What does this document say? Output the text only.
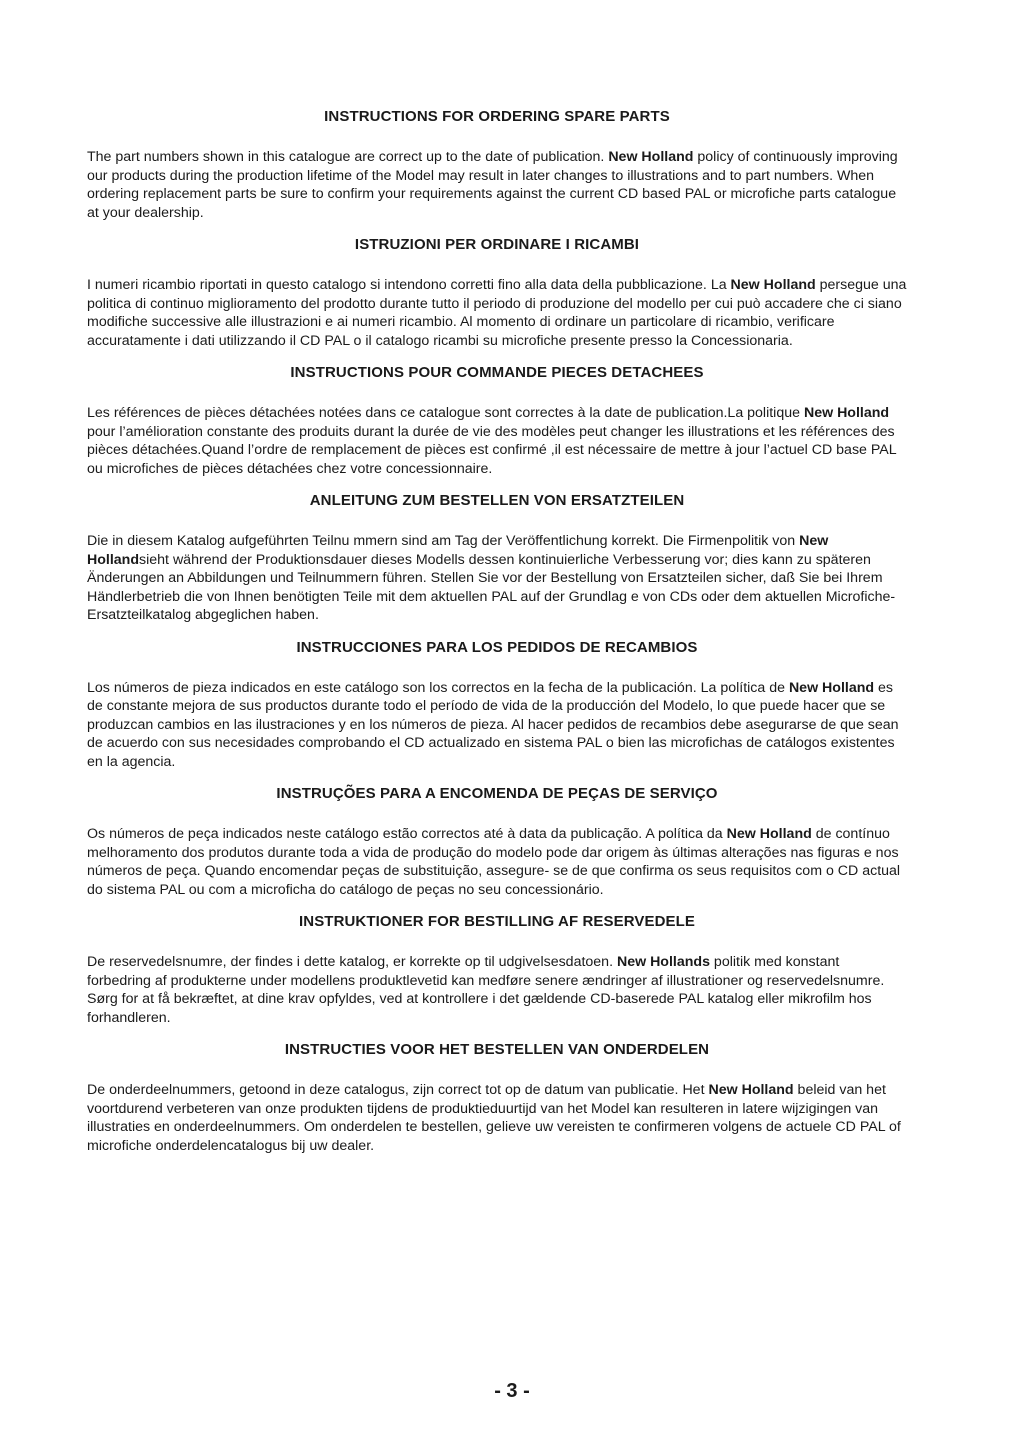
INSTRUCTIONS FOR ORDERING SPARE PARTS

The part numbers shown in this catalogue are correct up to the date of publication. New Holland policy of continuously improving our products during the production lifetime of the Model may result in later changes to illustrations and to part numbers. When ordering replacement parts be sure to confirm your requirements against the current CD based PAL or microfiche parts catalogue at your dealership.

ISTRUZIONI PER ORDINARE I RICAMBI

I numeri ricambio riportati in questo catalogo si intendono corretti fino alla data della pubblicazione. La New Holland persegue una politica di continuo miglioramento del prodotto durante tutto il periodo di produzione del modello per cui può accadere che ci siano modifiche successive alle illustrazioni e ai numeri ricambio. Al momento di ordinare un particolare di ricambio, verificare accuratamente i dati utilizzando il CD PAL o il catalogo ricambi su microfiche presente presso la Concessionaria.

INSTRUCTIONS POUR COMMANDE PIECES DETACHEES

Les références de pièces détachées notées dans ce catalogue sont correctes à la date de publication.La politique New Holland pour l’amélioration constante des produits durant la durée de vie des modèles peut changer les illustrations et les références des pièces détachées.Quand l’ordre de remplacement de pièces est confirmé ,il est nécessaire de mettre à jour l’actuel CD base PAL ou microfiches de pièces détachées chez votre concessionnaire.

ANLEITUNG ZUM BESTELLEN VON ERSATZTEILEN

Die in diesem Katalog aufgeführten Teilnu mmern sind am Tag der Veröffentlichung korrekt. Die Firmenpolitik von New Hollandsieht während der Produktionsdauer dieses Modells dessen kontinuierliche Verbesserung vor; dies kann zu späteren Änderungen an Abbildungen und Teilnummern führen. Stellen Sie vor der Bestellung von Ersatzteilen sicher, daß Sie bei Ihrem Händlerbetrieb die von Ihnen benötigten Teile mit dem aktuellen PAL auf der Grundlag e von CDs oder dem aktuellen Microfiche-Ersatzteilkatalog abgeglichen haben.

INSTRUCCIONES PARA LOS PEDIDOS DE RECAMBIOS

Los números de pieza indicados en este catálogo son los correctos en la fecha de la publicación. La política de New Holland es de constante mejora de sus productos durante todo el período de vida de la producción del Modelo, lo que puede hacer que se produzcan cambios en las ilustraciones y en los números de pieza. Al hacer pedidos de recambios debe asegurarse de que sean de acuerdo con sus necesidades comprobando el CD actualizado en sistema PAL o bien las microfichas de catálogos existentes en la agencia.

INSTRUÇÕES PARA A ENCOMENDA DE PEÇAS DE SERVIÇO

Os números de peça indicados neste catálogo estão correctos até à data da publicação. A política da New Holland de contínuo melhoramento dos produtos durante toda a vida de produção do modelo pode dar origem às últimas alterações nas figuras e nos números de peça. Quando encomendar peças de substituição, assegure- se de que confirma os seus requisitos com o CD actual do sistema PAL ou com a microficha do catálogo de peças no seu concessionário.

INSTRUKTIONER FOR BESTILLING AF RESERVEDELE

De reservedelsnumre, der findes i dette katalog, er korrekte op til udgivelsesdatoen. New Hollands politik med konstant forbedring af produkterne under modellens produktlevetid kan medføre senere ændringer af illustrationer og reservedelsnumre. Sørg for at få bekræftet, at dine krav opfyldes, ved at kontrollere i det gældende CD-baserede PAL katalog eller mikrofilm hos forhandleren.

INSTRUCTIES VOOR HET BESTELLEN VAN ONDERDELEN

De onderdeelnummers, getoond in deze catalogus, zijn correct tot op de datum van publicatie. Het New Holland beleid van het voortdurend verbeteren van onze produkten tijdens de produktieduurtijd van het Model kan resulteren in latere wijzigingen van illustraties en onderdeelnummers. Om onderdelen te bestellen, gelieve uw vereisten te confirmeren volgens de actuele CD PAL of microfiche onderdelencatalogus bij uw dealer.

- 3 -
